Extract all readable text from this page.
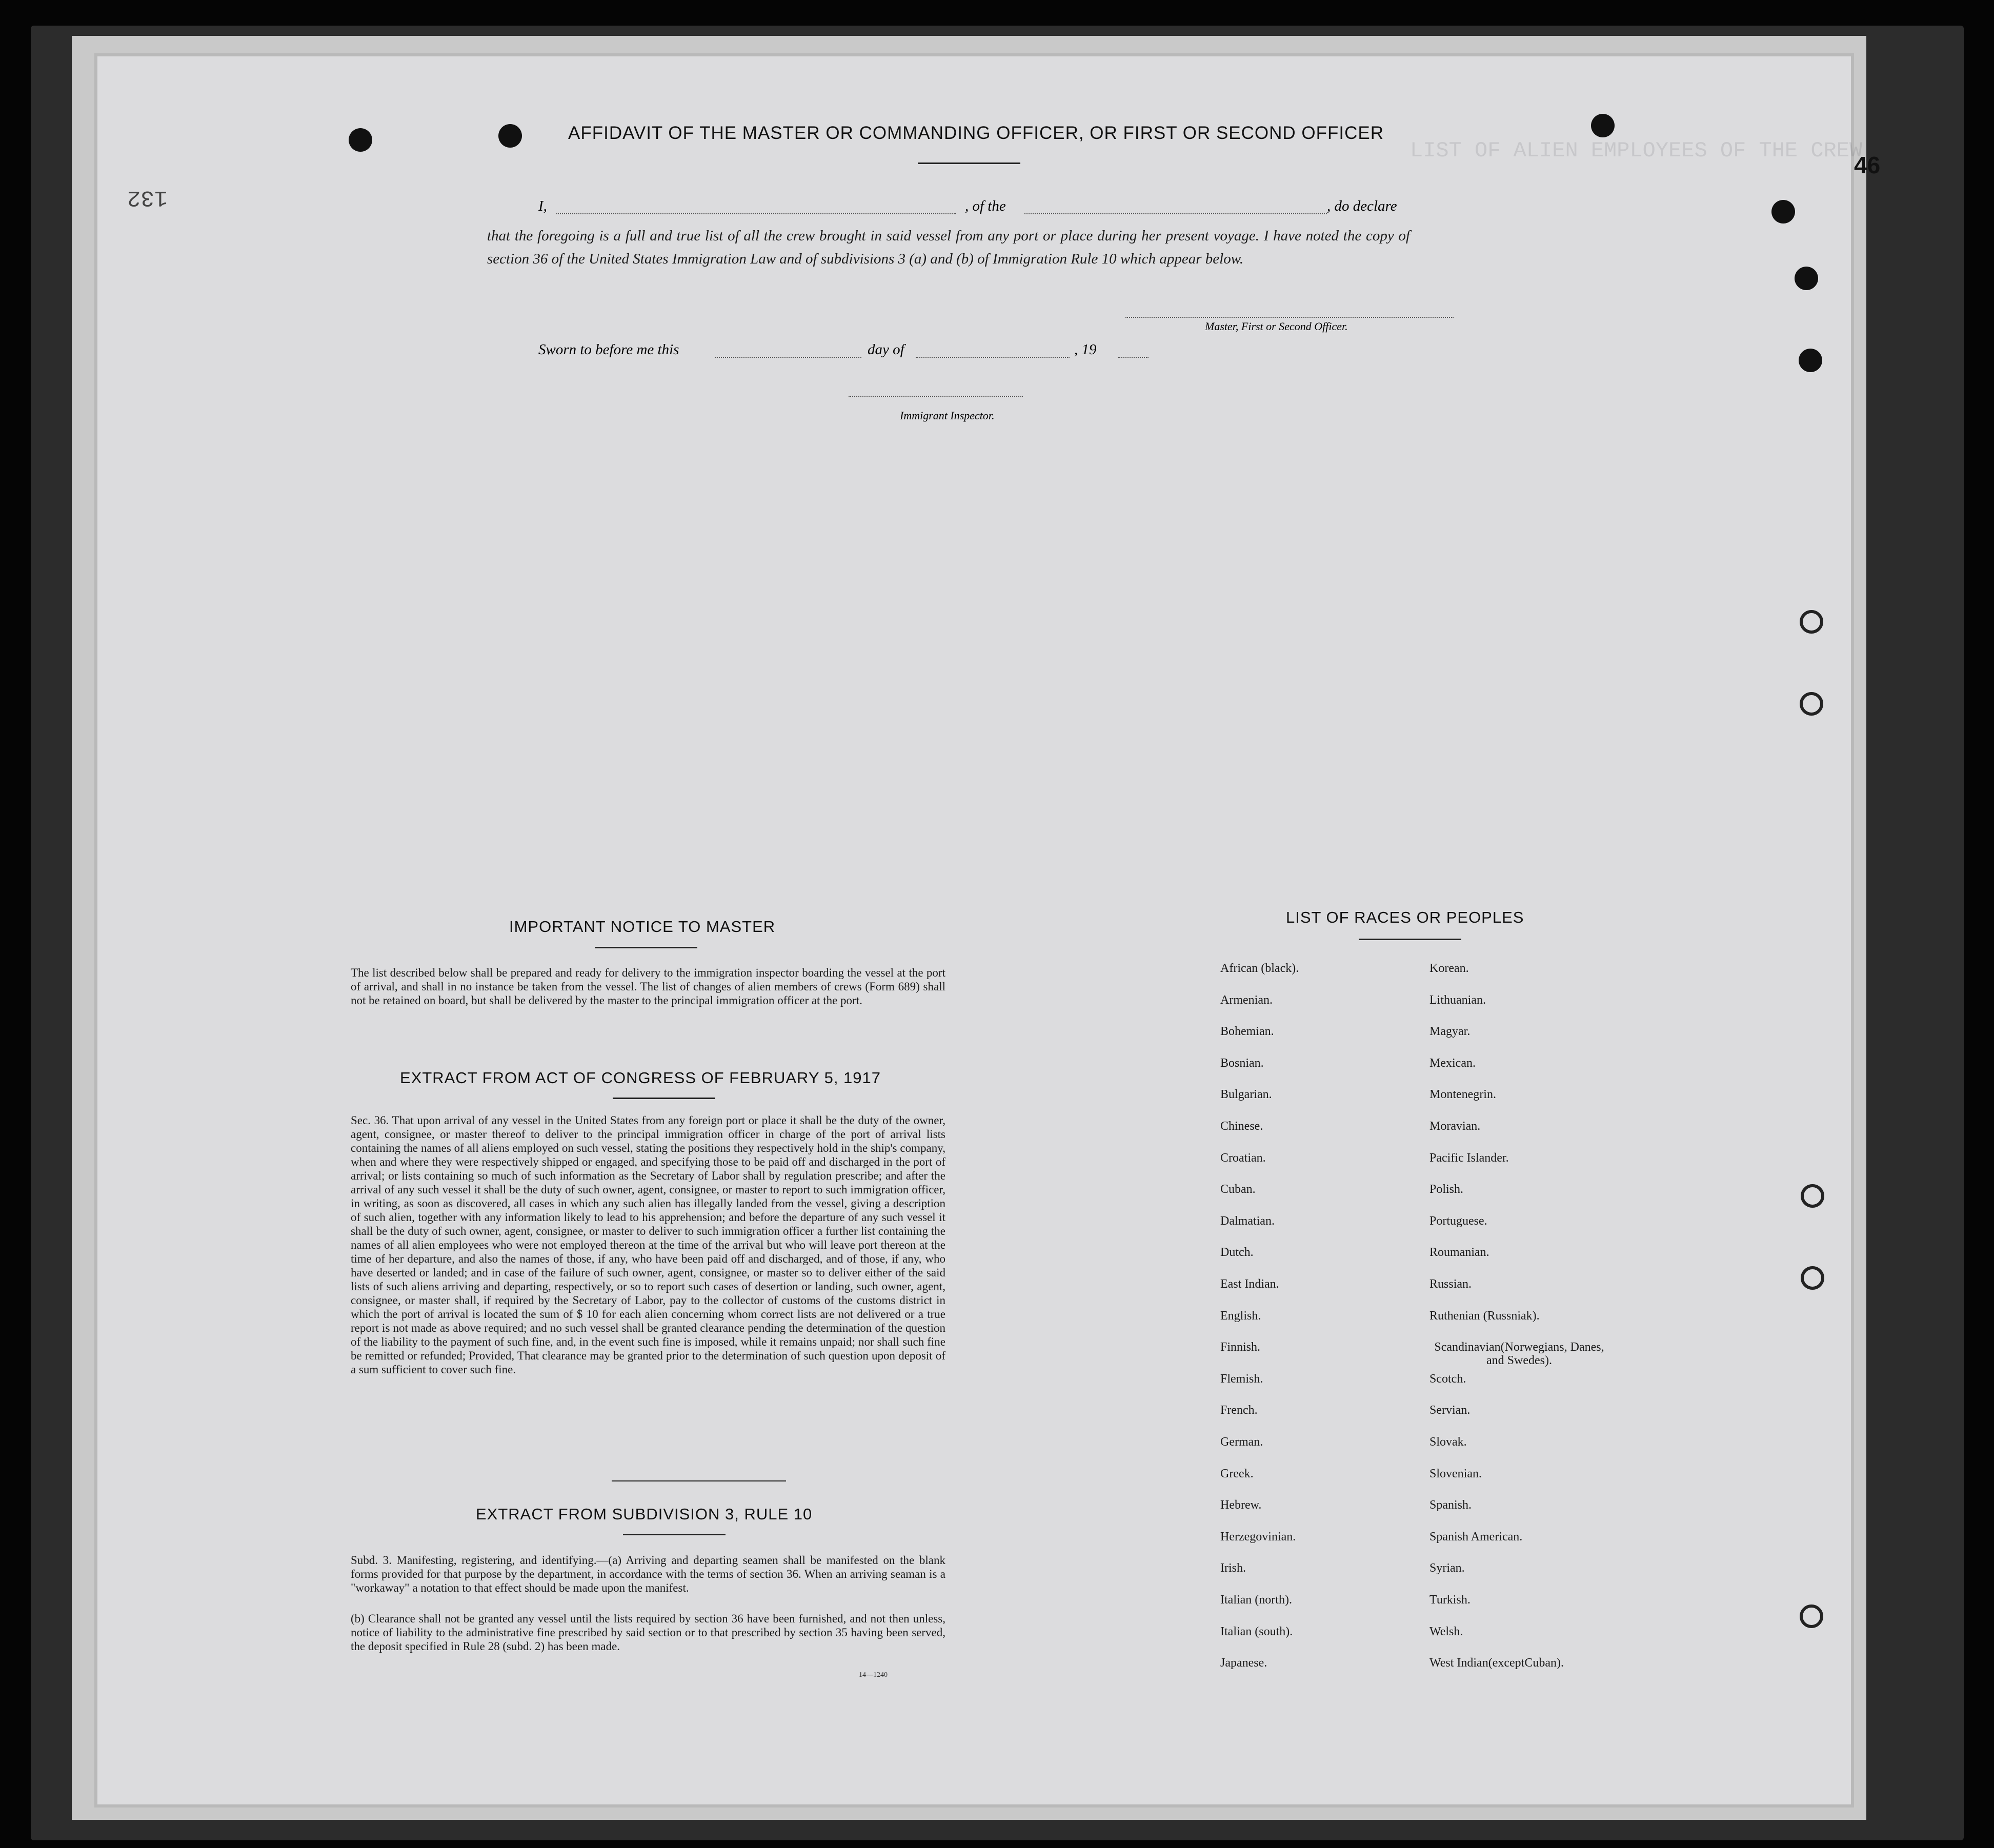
AFFIDAVIT OF THE MASTER OR COMMANDING OFFICER, OR FIRST OR SECOND OFFICER
I,	, of the	, do declare
that the foregoing is a full and true list of all the crew brought in said vessel from any port or place during her present voyage. I have noted the copy of section 36 of the United States Immigration Law and of subdivisions 3 (a) and (b) of Immigration Rule 10 which appear below.
Master, First or Second Officer.
Sworn to before me this	day of	, 19
Immigrant Inspector.
IMPORTANT NOTICE TO MASTER
The list described below shall be prepared and ready for delivery to the immigration inspector boarding the vessel at the port of arrival, and shall in no instance be taken from the vessel. The list of changes of alien members of crews (Form 689) shall not be retained on board, but shall be delivered by the master to the principal immigration officer at the port.
EXTRACT FROM ACT OF CONGRESS OF FEBRUARY 5, 1917
Sec. 36. That upon arrival of any vessel in the United States from any foreign port or place it shall be the duty of the owner, agent, consignee, or master thereof to deliver to the principal immigration officer in charge of the port of arrival lists containing the names of all aliens employed on such vessel, stating the positions they respectively hold in the ship's company, when and where they were respectively shipped or engaged, and specifying those to be paid off and discharged in the port of arrival; or lists containing so much of such information as the Secretary of Labor shall by regulation prescribe; and after the arrival of any such vessel it shall be the duty of such owner, agent, consignee, or master to report to such immigration officer, in writing, as soon as discovered, all cases in which any such alien has illegally landed from the vessel, giving a description of such alien, together with any information likely to lead to his apprehension; and before the departure of any such vessel it shall be the duty of such owner, agent, consignee, or master to deliver to such immigration officer a further list containing the names of all alien employees who were not employed thereon at the time of the arrival but who will leave port thereon at the time of her departure, and also the names of those, if any, who have been paid off and discharged, and of those, if any, who have deserted or landed; and in case of the failure of such owner, agent, consignee, or master so to deliver either of the said lists of such aliens arriving and departing, respectively, or so to report such cases of desertion or landing, such owner, agent, consignee, or master shall, if required by the Secretary of Labor, pay to the collector of customs of the customs district in which the port of arrival is located the sum of $ 10 for each alien concerning whom correct lists are not delivered or a true report is not made as above required; and no such vessel shall be granted clearance pending the determination of the question of the liability to the payment of such fine, and, in the event such fine is imposed, while it remains unpaid; nor shall such fine be remitted or refunded; Provided, That clearance may be granted prior to the determination of such question upon deposit of a sum sufficient to cover such fine.
EXTRACT FROM SUBDIVISION 3, RULE 10
Subd. 3. Manifesting, registering, and identifying.—(a) Arriving and departing seamen shall be manifested on the blank forms provided for that purpose by the department, in accordance with the terms of section 36. When an arriving seaman is a "workaway" a notation to that effect should be made upon the manifest.
(b) Clearance shall not be granted any vessel until the lists required by section 36 have been furnished, and not then unless, notice of liability to the administrative fine prescribed by said section or to that prescribed by section 35 having been served, the deposit specified in Rule 28 (subd. 2) has been made.
14—1240
LIST OF RACES OR PEOPLES
African (black).
Armenian.
Bohemian.
Bosnian.
Bulgarian.
Chinese.
Croatian.
Cuban.
Dalmatian.
Dutch.
East Indian.
English.
Finnish.
Flemish.
French.
German.
Greek.
Hebrew.
Herzegovinian.
Irish.
Italian (north).
Italian (south).
Japanese.
Korean.
Lithuanian.
Magyar.
Mexican.
Montenegrin.
Moravian.
Pacific Islander.
Polish.
Portuguese.
Roumanian.
Russian.
Ruthenian (Russniak).
Scandinavian(Norwegians, Danes, and Swedes).
Scotch.
Servian.
Slovak.
Slovenian.
Spanish.
Spanish American.
Syrian.
Turkish.
Welsh.
West Indian(exceptCuban).
46
132
